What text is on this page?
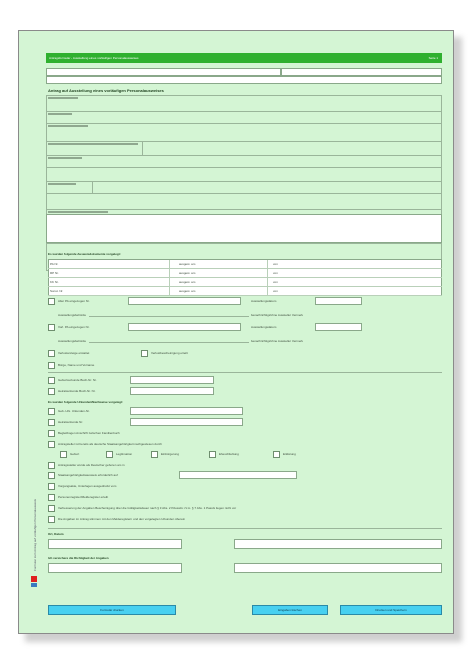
Antragsformular - Ausstellung eines vorläufigen Personalausweises	Seite 1
Antrag auf Ausstellung eines vorläufigen Personalausweises
Es wurden folgende Ausweisdokumente vorgelegt:
Alter PA eingezogen Nr.	Ausstellungsdatum
Ausstellungsbehörde	benachrichtigt/ohne Aussteller Vermerk
Vorl. PA eingezogen Nr.	Ausstellungsdatum
Ausstellungsbehörde	benachrichtigt/ohne Aussteller Vermerk
Verlustanzeige erstattet	Verlustbescheinigung erteilt
Bürge, Name und Vorname
Geburtsurkunde Buch-Nr. Nr.
Heiratsurkunde Buch-Nr. Nr.
Es wurden folgende Urkunden/Nachweise vorgelegt:
Geb.-Urk. Urkunden-Nr.
Heiratsurkunde Nr.
Begleitbogen Anschrift zwischen Familienbuch
Antragsteller ist bereits als deutsche Staatsangehörigkeit nachgewiesen durch
Geburt	Legitimation	Einbürgerung	Eheschließung	Erklärung
Antragssteller wurde als Deutscher geboren am in
Staatsangehörigkeitsausweis erforderlich auf
Vorgangsakte, Unterlagen ausgedruckt vom
Personenregister/Melderegister erteilt
Verbesserung der Angaben Bescheinigung über die Gültigkeitsdauer nach § 3 Abs. 2 PAuswG i.V.m. § 7 Abs. 1 PassG liegen nicht vor
Die Angaben im Antrag stimmen mit den Melderegistern und den vorgelegten Urkunden überein
Ort, Datum
Ich versichere die Richtigkeit der Angaben
Formular drucken	Eingaben löschen	Drucken und Speichern
Formular zum Antrag auf vorläufigen Personalausweis
PA Nr.	ausgest. am	von
RP Nr.	ausgest. am	von
KK Nr.	ausgest. am	von
Sonst. Nr.	ausgest. am	von
